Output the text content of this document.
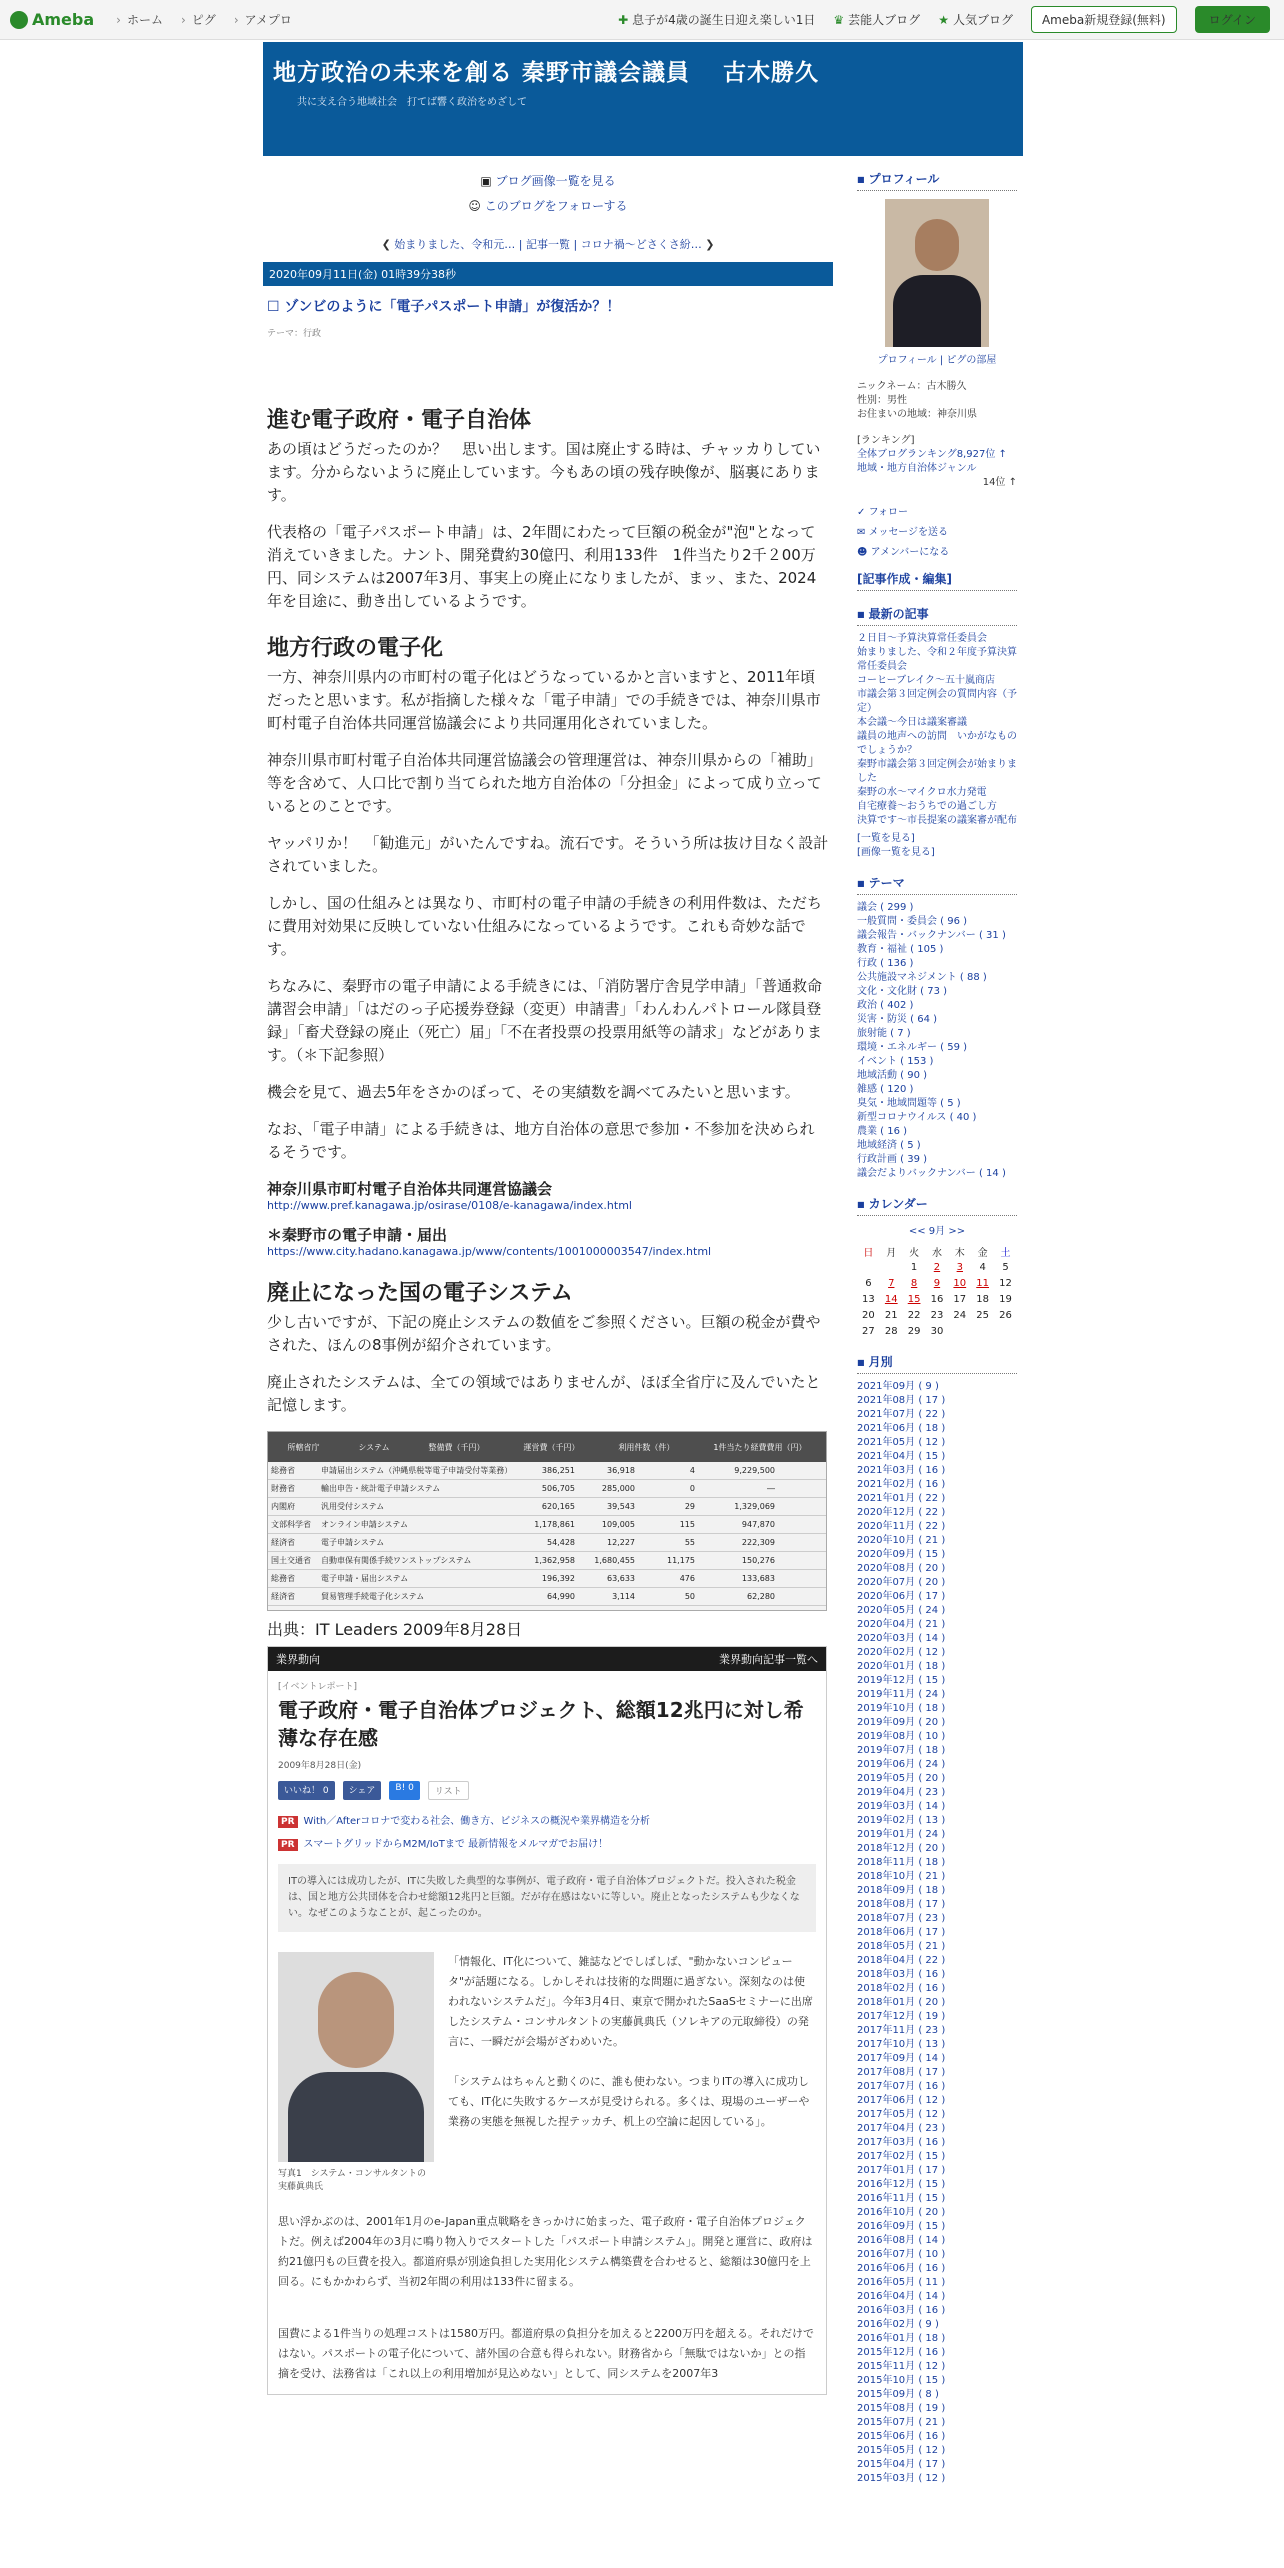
Ameba	› ホーム	› ピグ	› アメプロ	✚ 息子が4歳の誕生日迎え楽しい1日 ♛ 芸能人ブログ ★ 人気ブログ	Ameba新規登録(無料)	ログイン
地方政治の未来を創る 秦野市議会議員　 古木勝久
共に支え合う地域社会　打てば響く政治をめざして
▣ ブログ画像一覧を見る
☺ このブログをフォローする
❮ 始まりました、令和元… | 記事一覧 | コロナ禍～どさくさ紛… ❯
2020年09月11日(金) 01時39分38秒
☐ ゾンビのように「電子パスポート申請」が復活か？！
テーマ：行政
進む電子政府・電子自治体

あの頃はどうだったのか？　思い出します。国は廃止する時は、チャッカりしています。分からないように廃止しています。今もあの頃の残存映像が、脳裏にあります。

代表格の「電子パスポート申請」は、2年間にわたって巨額の税金が"泡"となって消えていきました。ナント、開発費約30億円、利用133件　1件当たり2千２00万円、同システムは2007年3月、事実上の廃止になりましたが、まッ、また、2024年を目途に、動き出しているようです。

地方行政の電子化

一方、神奈川県内の市町村の電子化はどうなっているかと言いますと、2011年頃だったと思います。私が指摘した様々な「電子申請」での手続きでは、神奈川県市町村電子自治体共同運営協議会により共同運用化されていました。

神奈川県市町村電子自治体共同運営協議会の管理運営は、神奈川県からの「補助」等を含めて、人口比で割り当てられた地方自治体の「分担金」によって成り立っているとのことです。

ヤッパリか！　「勧進元」がいたんですね。流石です。そういう所は抜け目なく設計されていました。

しかし、国の仕組みとは異なり、市町村の電子申請の手続きの利用件数は、ただちに費用対効果に反映していない仕組みになっているようです。これも奇妙な話です。

ちなみに、秦野市の電子申請による手続きには、「消防署庁舎見学申請」「普通救命講習会申請」「はだのっ子応援券登録（変更）申請書」「わんわんパトロール隊員登録」「畜犬登録の廃止（死亡）届」「不在者投票の投票用紙等の請求」などがあります。（＊下記参照）

機会を見て、過去5年をさかのぼって、その実績数を調べてみたいと思います。

なお、「電子申請」による手続きは、地方自治体の意思で参加・不参加を決められるそうです。

神奈川県市町村電子自治体共同運営協議会
http://www.pref.kanagawa.jp/osirase/0108/e-kanagawa/index.html
＊秦野市の電子申請・届出
https://www.city.hadano.kanagawa.jp/www/contents/1001000003547/index.html
廃止になった国の電子システム

少し古いですが、下記の廃止システムの数値をご参照ください。巨額の税金が費やされた、ほんの8事例が紹介されています。

廃止されたシステムは、全ての領域ではありませんが、ほぼ全省庁に及んでいたと記憶します。

所轄省庁	システム	整備費（千円）	運営費（千円）	利用件数（件）	1件当たり経費費用（円）
総務省	申請届出システム（沖縄県税等電子申請受付等業務）	386,251	36,918	4	9,229,500
財務省	輸出申告・統計電子申請システム	506,705	285,000	0	―
内閣府	汎用受付システム	620,165	39,543	29	1,329,069
文部科学省	オンライン申請システム	1,178,861	109,005	115	947,870
経済省	電子申請システム	54,428	12,227	55	222,309
国土交通省	自動車保有関係手続ワンストップシステム	1,362,958	1,680,455	11,175	150,276
総務省	電子申請・届出システム	196,392	63,633	476	133,683
経済省	貿易管理手続電子化システム	64,990	3,114	50	62,280
出典：IT Leaders 2009年8月28日
業界動向	業界動向記事一覧へ
[イベントレポート]
電子政府・電子自治体プロジェクト、総額12兆円に対し希薄な存在感
2009年8月28日(金)
いいね！ 0	シェア	B! 0	リスト
PR With／Afterコロナで変わる社会、働き方、ビジネスの概況や業界構造を分析
PR スマートグリッドからM2M/IoTまで 最新情報をメルマガでお届け！
ITの導入には成功したが、ITに失敗した典型的な事例が、電子政府・電子自治体プロジェクトだ。投入された税金は、国と地方公共団体を合わせ総額12兆円と巨額。だが存在感はないに等しい。廃止となったシステムも少なくない。なぜこのようなことが、起こったのか。
写真1　システム・コンサルタントの実藤眞典氏
「情報化、IT化について、雑誌などでしばしば、"動かないコンピュータ"が話題になる。しかしそれは技術的な問題に過ぎない。深刻なのは使われないシステムだ」。今年3月4日、東京で開かれたSaaSセミナーに出席したシステム・コンサルタントの実藤眞典氏（ソレキアの元取締役）の発言に、一瞬だが会場がざわめいた。
「システムはちゃんと動くのに、誰も使わない。つまりITの導入に成功しても、IT化に失敗するケースが見受けられる。多くは、現場のユーザーや業務の実態を無視した捏テッカチ、机上の空論に起因している」。
思い浮かぶのは、2001年1月のe-Japan重点戦略をきっかけに始まった、電子政府・電子自治体プロジェクトだ。例えば2004年の3月に鳴り物入りでスタートした「パスポート申請システム」。開発と運営に、政府は約21億円もの巨費を投入。都道府県が別途負担した実用化システム構築費を合わせると、総額は30億円を上回る。にもかかわらず、当初2年間の利用は133件に留まる。
国費による1件当りの処理コストは1580万円。都道府県の負担分を加えると2200万円を超える。それだけではない。パスポートの電子化について、諸外国の合意も得られない。財務省から「無駄ではないか」との指摘を受け、法務省は「これ以上の利用増加が見込めない」として、同システムを2007年3
■ プロフィール
プロフィール | ピグの部屋
ニックネーム：古木勝久
性別：男性
お住まいの地域：神奈川県
[ランキング]
全体ブログランキング8,927位 ↑
地域・地方自治体ジャンル
14位 ↑
✓ フォロー
✉ メッセージを送る
☻ アメンバーになる
[記事作成・編集]
■ 最新の記事
２日目～予算決算常任委員会
始まりました、令和２年度予算決算常任委員会
コーヒーブレイク～五十嵐商店
市議会第３回定例会の質問内容（予定）
本会議～今日は議案審議
議員の地声への訪問　いかがなものでしょうか？
秦野市議会第３回定例会が始まりました
秦野の水～マイクロ水力発電
自宅療養～おうちでの過ごし方
決算です～市長提案の議案審が配布
[一覧を見る]
[画像一覧を見る]
■ テーマ
議会 ( 299 )
一般質問・委員会 ( 96 )
議会報告・バックナンバー ( 31 )
教育・福祉 ( 105 )
行政 ( 136 )
公共施設マネジメント ( 88 )
文化・文化財 ( 73 )
政治 ( 402 )
災害・防災 ( 64 )
旅射能 ( 7 )
環境・エネルギー ( 59 )
イベント ( 153 )
地域活動 ( 90 )
雑感 ( 120 )
臭気・地域問題等 ( 5 )
新型コロナウイルス ( 40 )
農業 ( 16 )
地域経済 ( 5 )
行政計画 ( 39 )
議会だよりバックナンバー ( 14 )
■ カレンダー
<< 9月 >>
日	月	火	水	木	金	土
		1	2	3	4	5
6	7	8	9	10	11	12
13	14	15	16	17	18	19
20	21	22	23	24	25	26
27	28	29	30			
■ 月別
2021年09月 ( 9 )
2021年08月 ( 17 )
2021年07月 ( 22 )
2021年06月 ( 18 )
2021年05月 ( 12 )
2021年04月 ( 15 )
2021年03月 ( 16 )
2021年02月 ( 16 )
2021年01月 ( 22 )
2020年12月 ( 22 )
2020年11月 ( 22 )
2020年10月 ( 21 )
2020年09月 ( 15 )
2020年08月 ( 20 )
2020年07月 ( 20 )
2020年06月 ( 17 )
2020年05月 ( 24 )
2020年04月 ( 21 )
2020年03月 ( 14 )
2020年02月 ( 12 )
2020年01月 ( 18 )
2019年12月 ( 15 )
2019年11月 ( 24 )
2019年10月 ( 18 )
2019年09月 ( 20 )
2019年08月 ( 10 )
2019年07月 ( 18 )
2019年06月 ( 24 )
2019年05月 ( 20 )
2019年04月 ( 23 )
2019年03月 ( 14 )
2019年02月 ( 13 )
2019年01月 ( 24 )
2018年12月 ( 20 )
2018年11月 ( 18 )
2018年10月 ( 21 )
2018年09月 ( 18 )
2018年08月 ( 17 )
2018年07月 ( 23 )
2018年06月 ( 17 )
2018年05月 ( 21 )
2018年04月 ( 22 )
2018年03月 ( 16 )
2018年02月 ( 16 )
2018年01月 ( 20 )
2017年12月 ( 19 )
2017年11月 ( 23 )
2017年10月 ( 13 )
2017年09月 ( 14 )
2017年08月 ( 17 )
2017年07月 ( 16 )
2017年06月 ( 12 )
2017年05月 ( 12 )
2017年04月 ( 23 )
2017年03月 ( 16 )
2017年02月 ( 15 )
2017年01月 ( 17 )
2016年12月 ( 15 )
2016年11月 ( 15 )
2016年10月 ( 20 )
2016年09月 ( 15 )
2016年08月 ( 14 )
2016年07月 ( 10 )
2016年06月 ( 16 )
2016年05月 ( 11 )
2016年04月 ( 14 )
2016年03月 ( 16 )
2016年02月 ( 9 )
2016年01月 ( 18 )
2015年12月 ( 16 )
2015年11月 ( 12 )
2015年10月 ( 15 )
2015年09月 ( 8 )
2015年08月 ( 19 )
2015年07月 ( 21 )
2015年06月 ( 16 )
2015年05月 ( 12 )
2015年04月 ( 17 )
2015年03月 ( 12 )
